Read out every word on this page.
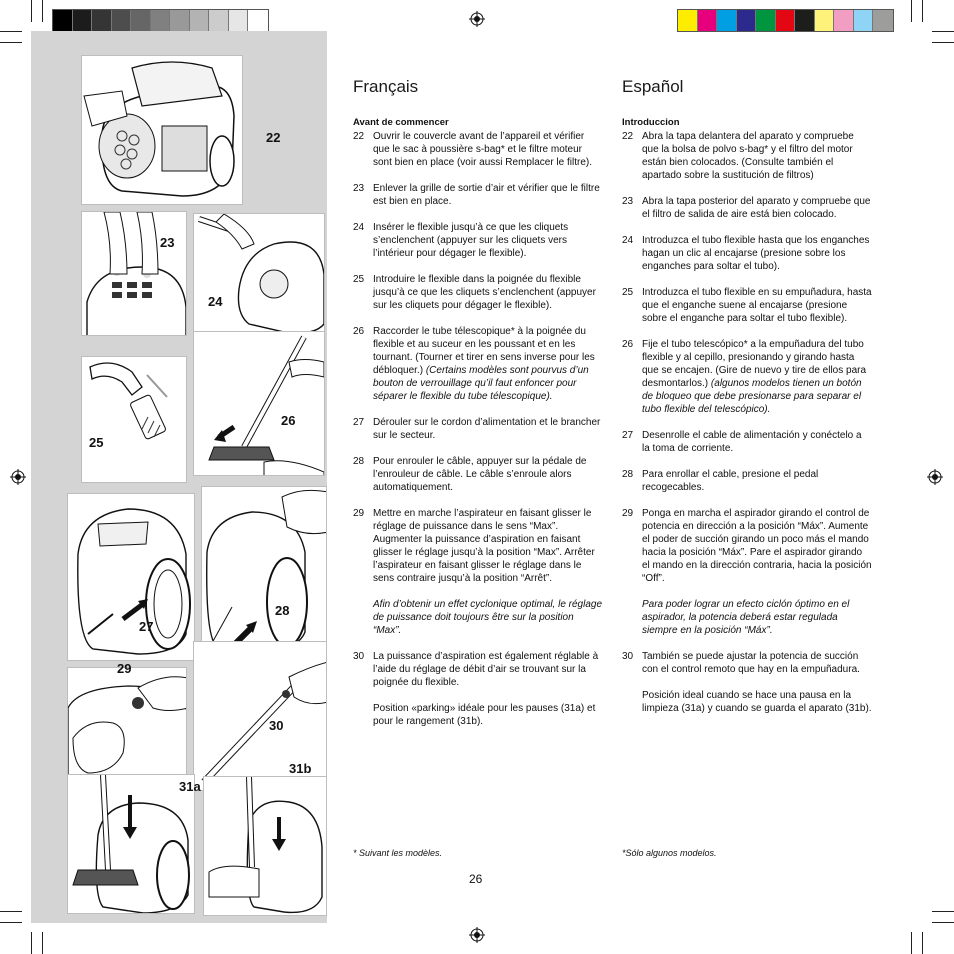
22
23
24
25
26
27
28
29
30
31a
31b
Français
Avant de commencer
22 Ouvrir le couvercle avant de l’appareil et vérifier que le sac à poussière s-bag* et le filtre moteur sont bien en place (voir aussi Remplacer le filtre).
23 Enlever la grille de sortie d’air et vérifier que le filtre est bien en place.
24 Insérer le flexible jusqu’à ce que les cliquets s’enclenchent (appuyer sur les cliquets vers l’intérieur pour dégager le flexible).
25 Introduire le flexible dans la poignée du flexible jusqu’à ce que les cliquets s’enclenchent (appuyer sur les cliquets pour dégager le flexible).
26 Raccorder le tube télescopique* à la poignée du flexible et au suceur en les poussant et en les tournant. (Tourner et tirer en sens inverse pour les débloquer.) (Certains modèles sont pourvus d’un bouton de verrouillage qu’il faut enfoncer pour séparer le flexible du tube télescopique).
27 Dérouler sur le cordon d’alimentation et le brancher sur le secteur.
28 Pour enrouler le câble, appuyer sur la pédale de l’enrouleur de câble. Le câble s’enroule alors automatiquement.
29 Mettre en marche l’aspirateur en faisant glisser le réglage de puissance dans le sens “Max”. Augmenter la puissance d’aspiration en faisant glisser le réglage jusqu’à la position “Max”. Arrêter l’aspirateur en faisant glisser le réglage dans le sens contraire jusqu’à la position “Arrêt”.
Afin d’obtenir un effet cyclonique optimal, le réglage de puissance doit toujours être sur la position “Max”.
30 La puissance d’aspiration est également réglable à l’aide du réglage de débit d’air se trouvant sur la poignée du flexible.
Position «parking» idéale pour les pauses (31a) et pour le rangement (31b).
* Suivant les modèles.
Español
Introduccion
22 Abra la tapa delantera del aparato y compruebe que la bolsa de polvo s-bag* y el filtro del motor están bien colocados. (Consulte también el apartado sobre la sustitución de filtros)
23 Abra la tapa posterior del aparato y compruebe que el filtro de salida de aire está bien colocado.
24 Introduzca el tubo flexible hasta que los enganches hagan un clic al encajarse (presione sobre los enganches para soltar el tubo).
25 Introduzca el tubo flexible en su empuñadura, hasta que el enganche suene al encajarse (presione sobre el enganche para soltar el tubo flexible).
26 Fije el tubo telescópico* a la empuñadura del tubo flexible y al cepillo, presionando y girando hasta que se encajen. (Gire de nuevo y tire de ellos para desmontarlos.) (algunos modelos tienen un botón de bloqueo que debe presionarse para separar el tubo flexible del telescópico).
27 Desenrolle el cable de alimentación y conéctelo a la toma de corriente.
28 Para enrollar el cable, presione el pedal recogecables.
29 Ponga en marcha el aspirador girando el control de potencia en dirección a la posición “Máx”. Aumente el poder de succión girando un poco más el mando hacia la posición “Máx”. Pare el aspirador girando el mando en la dirección contraria, hacia la posición “Off”.
Para poder lograr un efecto ciclón óptimo en el aspirador, la potencia deberá estar regulada siempre en la posición “Máx”.
30 También se puede ajustar la potencia de succión con el control remoto que hay en la empuñadura.
Posición ideal cuando se hace una pausa en la limpieza (31a) y cuando se guarda el aparato (31b).
*Sólo algunos modelos.
26
